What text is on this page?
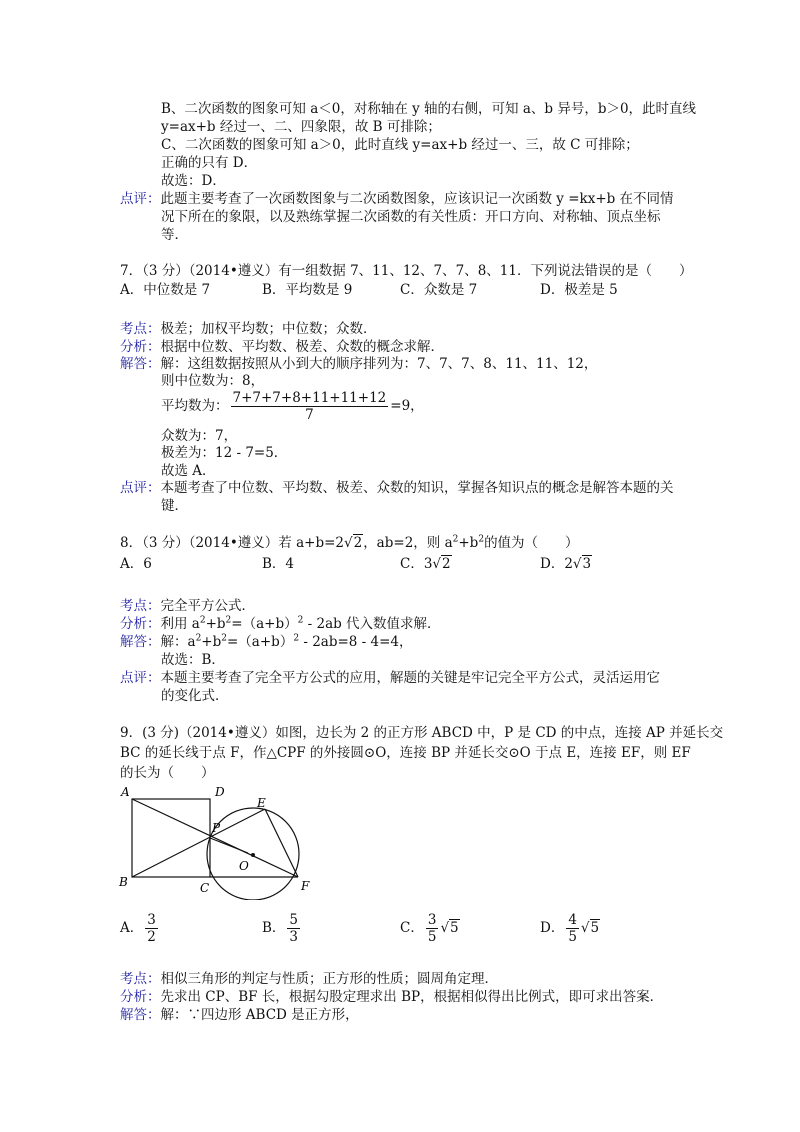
B、二次函数的图象可知 a＜0，对称轴在 y 轴的右侧，可知 a、b 异号，b＞0，此时直线
y=ax+b 经过一、二、四象限，故 B 可排除；
C、二次函数的图象可知 a＞0，此时直线 y=ax+b 经过一、三，故 C 可排除；
正确的只有 D．
故选：D．
点评：此题主要考查了一次函数图象与二次函数图象，应该识记一次函数 y =kx+b 在不同情
况下所在的象限，以及熟练掌握二次函数的有关性质：开口方向、对称轴、顶点坐标
等．
7．（3 分）（2014•遵义）有一组数据 7、11、12、7、7、8、11．下列说法错误的是（　　）
A．中位数是 7	B．平均数是 9	C．众数是 7	D．极差是 5
考点：极差；加权平均数；中位数；众数．
分析：根据中位数、平均数、极差、众数的概念求解．
解答：解：这组数据按照从小到大的顺序排列为：7、7、7、8、11、11、12，
则中位数为：8，
平均数为： $\frac{7+7+7+8+11+11+12}{7} =9$，
众数为：7，
极差为：12 - 7=5．
故选 A．
点评：本题考查了中位数、平均数、极差、众数的知识，掌握各知识点的概念是解答本题的关
键．
8．（3 分）（2014•遵义）若 a+b=2√2，ab=2，则 $a^2+b^2$的值为（　　）
A．6	B．4	C．3√2	D．2√3
考点：完全平方公式．
分析：利用 $a^2+b^2=(a+b)^2 - 2ab$ 代入数值求解．
解答：解：$a^2+b^2=(a+b)^2 - 2ab=8 - 4=4$，
故选：B．
点评：本题主要考查了完全平方公式的应用，解题的关键是牢记完全平方公式，灵活运用它
的变化式．
9．(3 分)（2014•遵义）如图，边长为 2 的正方形 ABCD 中，P 是 CD 的中点，连接 AP 并延长交
BC 的延长线于点 F，作△CPF 的外接圆⊙O，连接 BP 并延长交⊙O 于点 E，连接 EF，则 EF
的长为（　　）
A
B	C
D
E
F
O
P
A． $\frac{3}{2}$	B． $\frac{5}{3}$	C． $\frac{3}{5} √5$	D． $\frac{4}{5} √5$
考点：相似三角形的判定与性质；正方形的性质；圆周角定理．
分析：先求出 CP、BF 长，根据勾股定理求出 BP，根据相似得出比例式，即可求出答案．
解答：解：∵四边形 ABCD 是正方形，
